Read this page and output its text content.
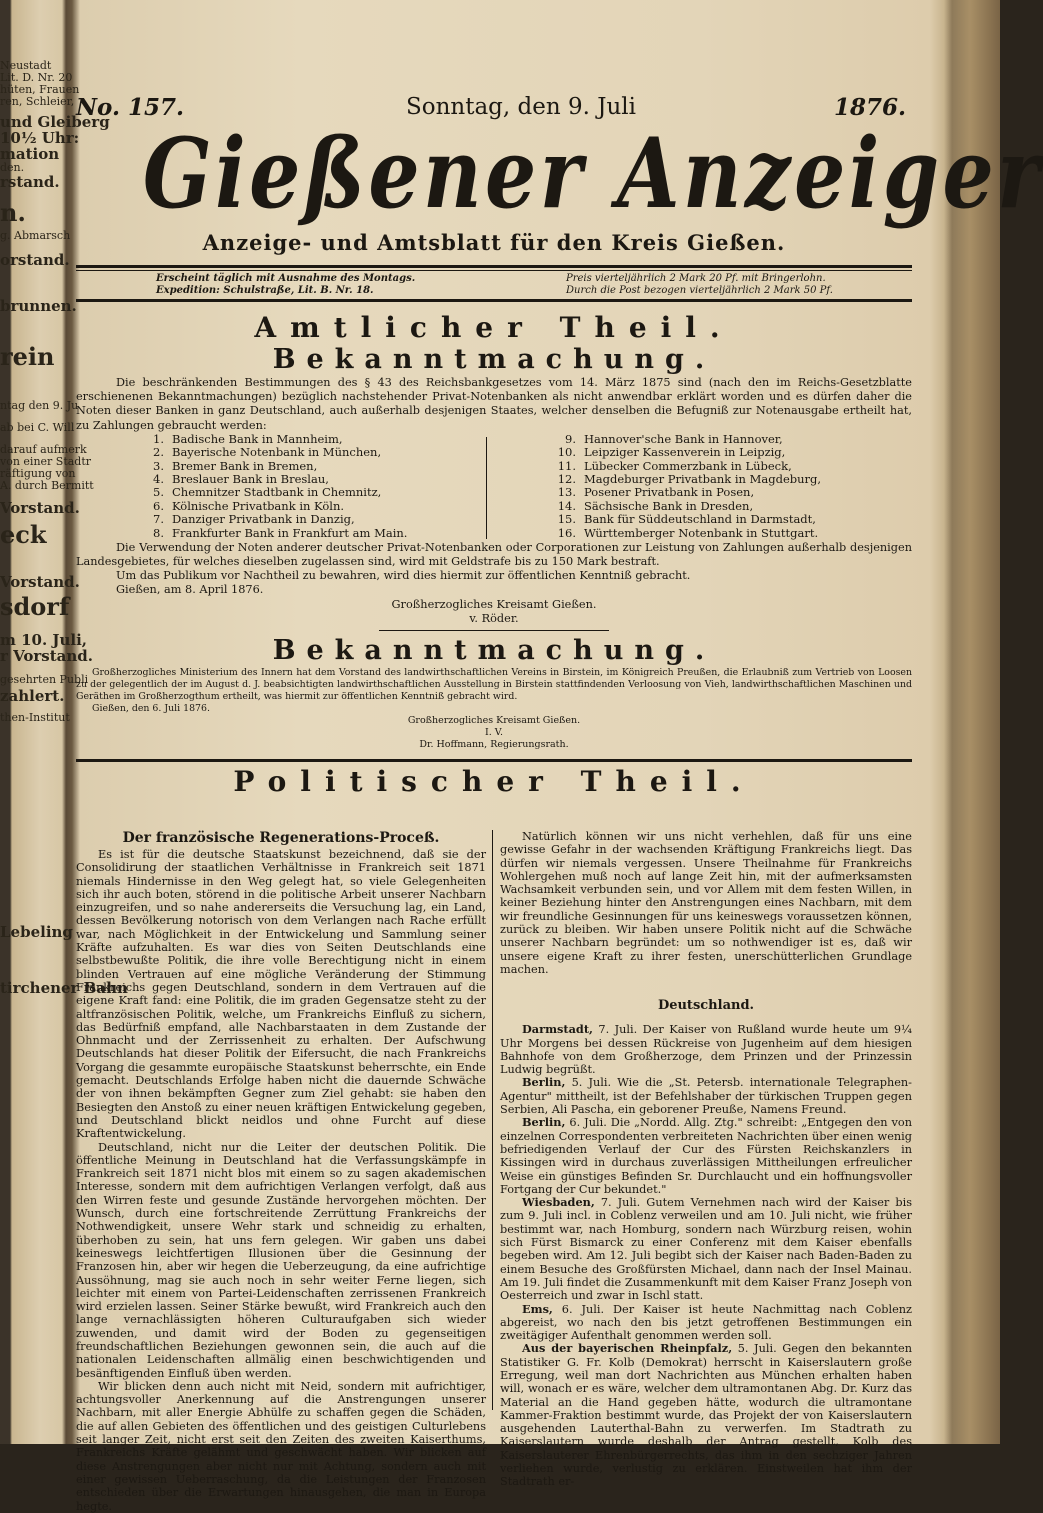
Neustadt
Lit. D. Nr. 20
hüten, Frauen
ren, Schleier,
und Gleiberg
10½ Uhr:
mation
den.
rstand.
n.
g. Abmarsch
orstand.
brunnen.
rein
ntag den 9. Ju
ab bei C. Will
darauf aufmerk
von einer Stadtr
räftigung von
A. durch Bermitt
Vorstand.
eck
Vorstand.
sdorf
m 10. Juli,
r Vorstand.
gesehrten Publi
zahlert.
then-Institut
Lebeling
tirchener Bahn
No. 157.	Sonntag, den 9. Juli	1876.
Gießener Anzeiger
Anzeige- und Amtsblatt für den Kreis Gießen.
Erscheint täglich mit Ausnahme des Montags.
Expedition: Schulstraße, Lit. B. Nr. 18.
Preis vierteljährlich 2 Mark 20 Pf. mit Bringerlohn.
Durch die Post bezogen vierteljährlich 2 Mark 50 Pf.
Amtlicher Theil.
Bekanntmachung.
Die beschränkenden Bestimmungen des § 43 des Reichsbankgesetzes vom 14. März 1875 sind (nach den im Reichs-Gesetzblatte erschienenen Bekanntmachungen) bezüglich nachstehender Privat-Notenbanken als nicht anwendbar erklärt worden und es dürfen daher die Noten dieser Banken in ganz Deutschland, auch außerhalb desjenigen Staates, welcher denselben die Befugniß zur Notenausgabe ertheilt hat, zu Zahlungen gebraucht werden:
1. Badische Bank in Mannheim,
2. Bayerische Notenbank in München,
3. Bremer Bank in Bremen,
4. Breslauer Bank in Breslau,
5. Chemnitzer Stadtbank in Chemnitz,
6. Kölnische Privatbank in Köln.
7. Danziger Privatbank in Danzig,
8. Frankfurter Bank in Frankfurt am Main.
9. Hannover'sche Bank in Hannover,
10. Leipziger Kassenverein in Leipzig,
11. Lübecker Commerzbank in Lübeck,
12. Magdeburger Privatbank in Magdeburg,
13. Posener Privatbank in Posen,
14. Sächsische Bank in Dresden,
15. Bank für Süddeutschland in Darmstadt,
16. Württemberger Notenbank in Stuttgart.
Die Verwendung der Noten anderer deutscher Privat-Notenbanken oder Corporationen zur Leistung von Zahlungen außerhalb desjenigen Landesgebietes, für welches dieselben zugelassen sind, wird mit Geldstrafe bis zu 150 Mark bestraft.
Um das Publikum vor Nachtheil zu bewahren, wird dies hiermit zur öffentlichen Kenntniß gebracht.
Gießen, am 8. April 1876.
Großherzogliches Kreisamt Gießen.
v. Röder.
Bekanntmachung.
Großherzogliches Ministerium des Innern hat dem Vorstand des landwirthschaftlichen Vereins in Birstein, im Königreich Preußen, die Erlaubniß zum Vertrieb von Loosen zu der gelegentlich der im August d. J. beabsichtigten landwirthschaftlichen Ausstellung in Birstein stattfindenden Verloosung von Vieh, landwirthschaftlichen Maschinen und Geräthen im Großherzogthum ertheilt, was hiermit zur öffentlichen Kenntniß gebracht wird.
Gießen, den 6. Juli 1876.
Großherzogliches Kreisamt Gießen.
I. V.
Dr. Hoffmann, Regierungsrath.
Politischer Theil.
Der französische Regenerations-Proceß.

Es ist für die deutsche Staatskunst bezeichnend, daß sie der Consolidirung der staatlichen Verhältnisse in Frankreich seit 1871 niemals Hindernisse in den Weg gelegt hat, so viele Gelegenheiten sich ihr auch boten, störend in die politische Arbeit unserer Nachbarn einzugreifen, und so nahe andererseits die Versuchung lag, ein Land, dessen Bevölkerung notorisch von dem Verlangen nach Rache erfüllt war, nach Möglichkeit in der Entwickelung und Sammlung seiner Kräfte aufzuhalten. Es war dies von Seiten Deutschlands eine selbstbewußte Politik, die ihre volle Berechtigung nicht in einem blinden Vertrauen auf eine mögliche Veränderung der Stimmung Frankreichs gegen Deutschland, sondern in dem Vertrauen auf die eigene Kraft fand: eine Politik, die im graden Gegensatze steht zu der altfranzösischen Politik, welche, um Frankreichs Einfluß zu sichern, das Bedürfniß empfand, alle Nachbarstaaten in dem Zustande der Ohnmacht und der Zerrissenheit zu erhalten. Der Aufschwung Deutschlands hat dieser Politik der Eifersucht, die nach Frankreichs Vorgang die gesammte europäische Staatskunst beherrschte, ein Ende gemacht. Deutschlands Erfolge haben nicht die dauernde Schwäche der von ihnen bekämpften Gegner zum Ziel gehabt: sie haben den Besiegten den Anstoß zu einer neuen kräftigen Entwickelung gegeben, und Deutschland blickt neidlos und ohne Furcht auf diese Kraftentwickelung.

Deutschland, nicht nur die Leiter der deutschen Politik. Die öffentliche Meinung in Deutschland hat die Verfassungskämpfe in Frankreich seit 1871 nicht blos mit einem so zu sagen akademischen Interesse, sondern mit dem aufrichtigen Verlangen verfolgt, daß aus den Wirren feste und gesunde Zustände hervorgehen möchten. Der Wunsch, durch eine fortschreitende Zerrüttung Frankreichs der Nothwendigkeit, unsere Wehr stark und schneidig zu erhalten, überhoben zu sein, hat uns fern gelegen. Wir gaben uns dabei keineswegs leichtfertigen Illusionen über die Gesinnung der Franzosen hin, aber wir hegen die Ueberzeugung, da eine aufrichtige Aussöhnung, mag sie auch noch in sehr weiter Ferne liegen, sich leichter mit einem von Partei-Leidenschaften zerrissenen Frankreich wird erzielen lassen. Seiner Stärke bewußt, wird Frankreich auch den lange vernachlässigten höheren Culturaufgaben sich wieder zuwenden, und damit wird der Boden zu gegenseitigen freundschaftlichen Beziehungen gewonnen sein, die auch auf die nationalen Leidenschaften allmälig einen beschwichtigenden und besänftigenden Einfluß üben werden.

Wir blicken denn auch nicht mit Neid, sondern mit aufrichtiger, achtungsvoller Anerkennung auf die Anstrengungen unserer Nachbarn, mit aller Energie Abhülfe zu schaffen gegen die Schäden, die auf allen Gebieten des öffentlichen und des geistigen Culturlebens seit langer Zeit, nicht erst seit den Zeiten des zweiten Kaiserthums, Frankreichs Kräfte gelähmt und geschwächt haben. Wir blicken auf diese Anstrengungen aber nicht nur mit Achtung, sondern auch mit einer gewissen Ueberraschung, da die Leistungen der Franzosen entschieden über die Erwartungen hinausgehen, die man in Europa hegte.

Natürlich können wir uns nicht verhehlen, daß für uns eine gewisse Gefahr in der wachsenden Kräftigung Frankreichs liegt. Das dürfen wir niemals vergessen. Unsere Theilnahme für Frankreichs Wohlergehen muß noch auf lange Zeit hin, mit der aufmerksamsten Wachsamkeit verbunden sein, und vor Allem mit dem festen Willen, in keiner Beziehung hinter den Anstrengungen eines Nachbarn, mit dem wir freundliche Gesinnungen für uns keineswegs voraussetzen können, zurück zu bleiben. Wir haben unsere Politik nicht auf die Schwäche unserer Nachbarn begründet: um so nothwendiger ist es, daß wir unsere eigene Kraft zu ihrer festen, unerschütterlichen Grundlage machen.

Deutschland.

Darmstadt, 7. Juli. Der Kaiser von Rußland wurde heute um 9¼ Uhr Morgens bei dessen Rückreise von Jugenheim auf dem hiesigen Bahnhofe von dem Großherzoge, dem Prinzen und der Prinzessin Ludwig begrüßt.

Berlin, 5. Juli. Wie die „St. Petersb. internationale Telegraphen-Agentur" mittheilt, ist der Befehlshaber der türkischen Truppen gegen Serbien, Ali Pascha, ein geborener Preuße, Namens Freund.

Berlin, 6. Juli. Die „Nordd. Allg. Ztg." schreibt: „Entgegen den von einzelnen Correspondenten verbreiteten Nachrichten über einen wenig befriedigenden Verlauf der Cur des Fürsten Reichskanzlers in Kissingen wird in durchaus zuverlässigen Mittheilungen erfreulicher Weise ein günstiges Befinden Sr. Durchlaucht und ein hoffnungsvoller Fortgang der Cur bekundet."

Wiesbaden, 7. Juli. Gutem Vernehmen nach wird der Kaiser bis zum 9. Juli incl. in Coblenz verweilen und am 10. Juli nicht, wie früher bestimmt war, nach Homburg, sondern nach Würzburg reisen, wohin sich Fürst Bismarck zu einer Conferenz mit dem Kaiser ebenfalls begeben wird. Am 12. Juli begibt sich der Kaiser nach Baden-Baden zu einem Besuche des Großfürsten Michael, dann nach der Insel Mainau. Am 19. Juli findet die Zusammenkunft mit dem Kaiser Franz Joseph von Oesterreich und zwar in Ischl statt.

Ems, 6. Juli. Der Kaiser ist heute Nachmittag nach Coblenz abgereist, wo nach den bis jetzt getroffenen Bestimmungen ein zweitägiger Aufenthalt genommen werden soll.

Aus der bayerischen Rheinpfalz, 5. Juli. Gegen den bekannten Statistiker G. Fr. Kolb (Demokrat) herrscht in Kaiserslautern große Erregung, weil man dort Nachrichten aus München erhalten haben will, wonach er es wäre, welcher dem ultramontanen Abg. Dr. Kurz das Material an die Hand gegeben hätte, wodurch die ultramontane Kammer-Fraktion bestimmt wurde, das Projekt der von Kaiserslautern ausgehenden Lauterthal-Bahn zu verwerfen. Im Stadtrath zu Kaiserslautern wurde deshalb der Antrag gestellt, Kolb des Kaiserslauterer Ehrenbürgerrechts, das ihm in den sechziger Jahren verliehen wurde, verlustig zu erklären. Einstweilen hat ihm der Stadtrath er-
